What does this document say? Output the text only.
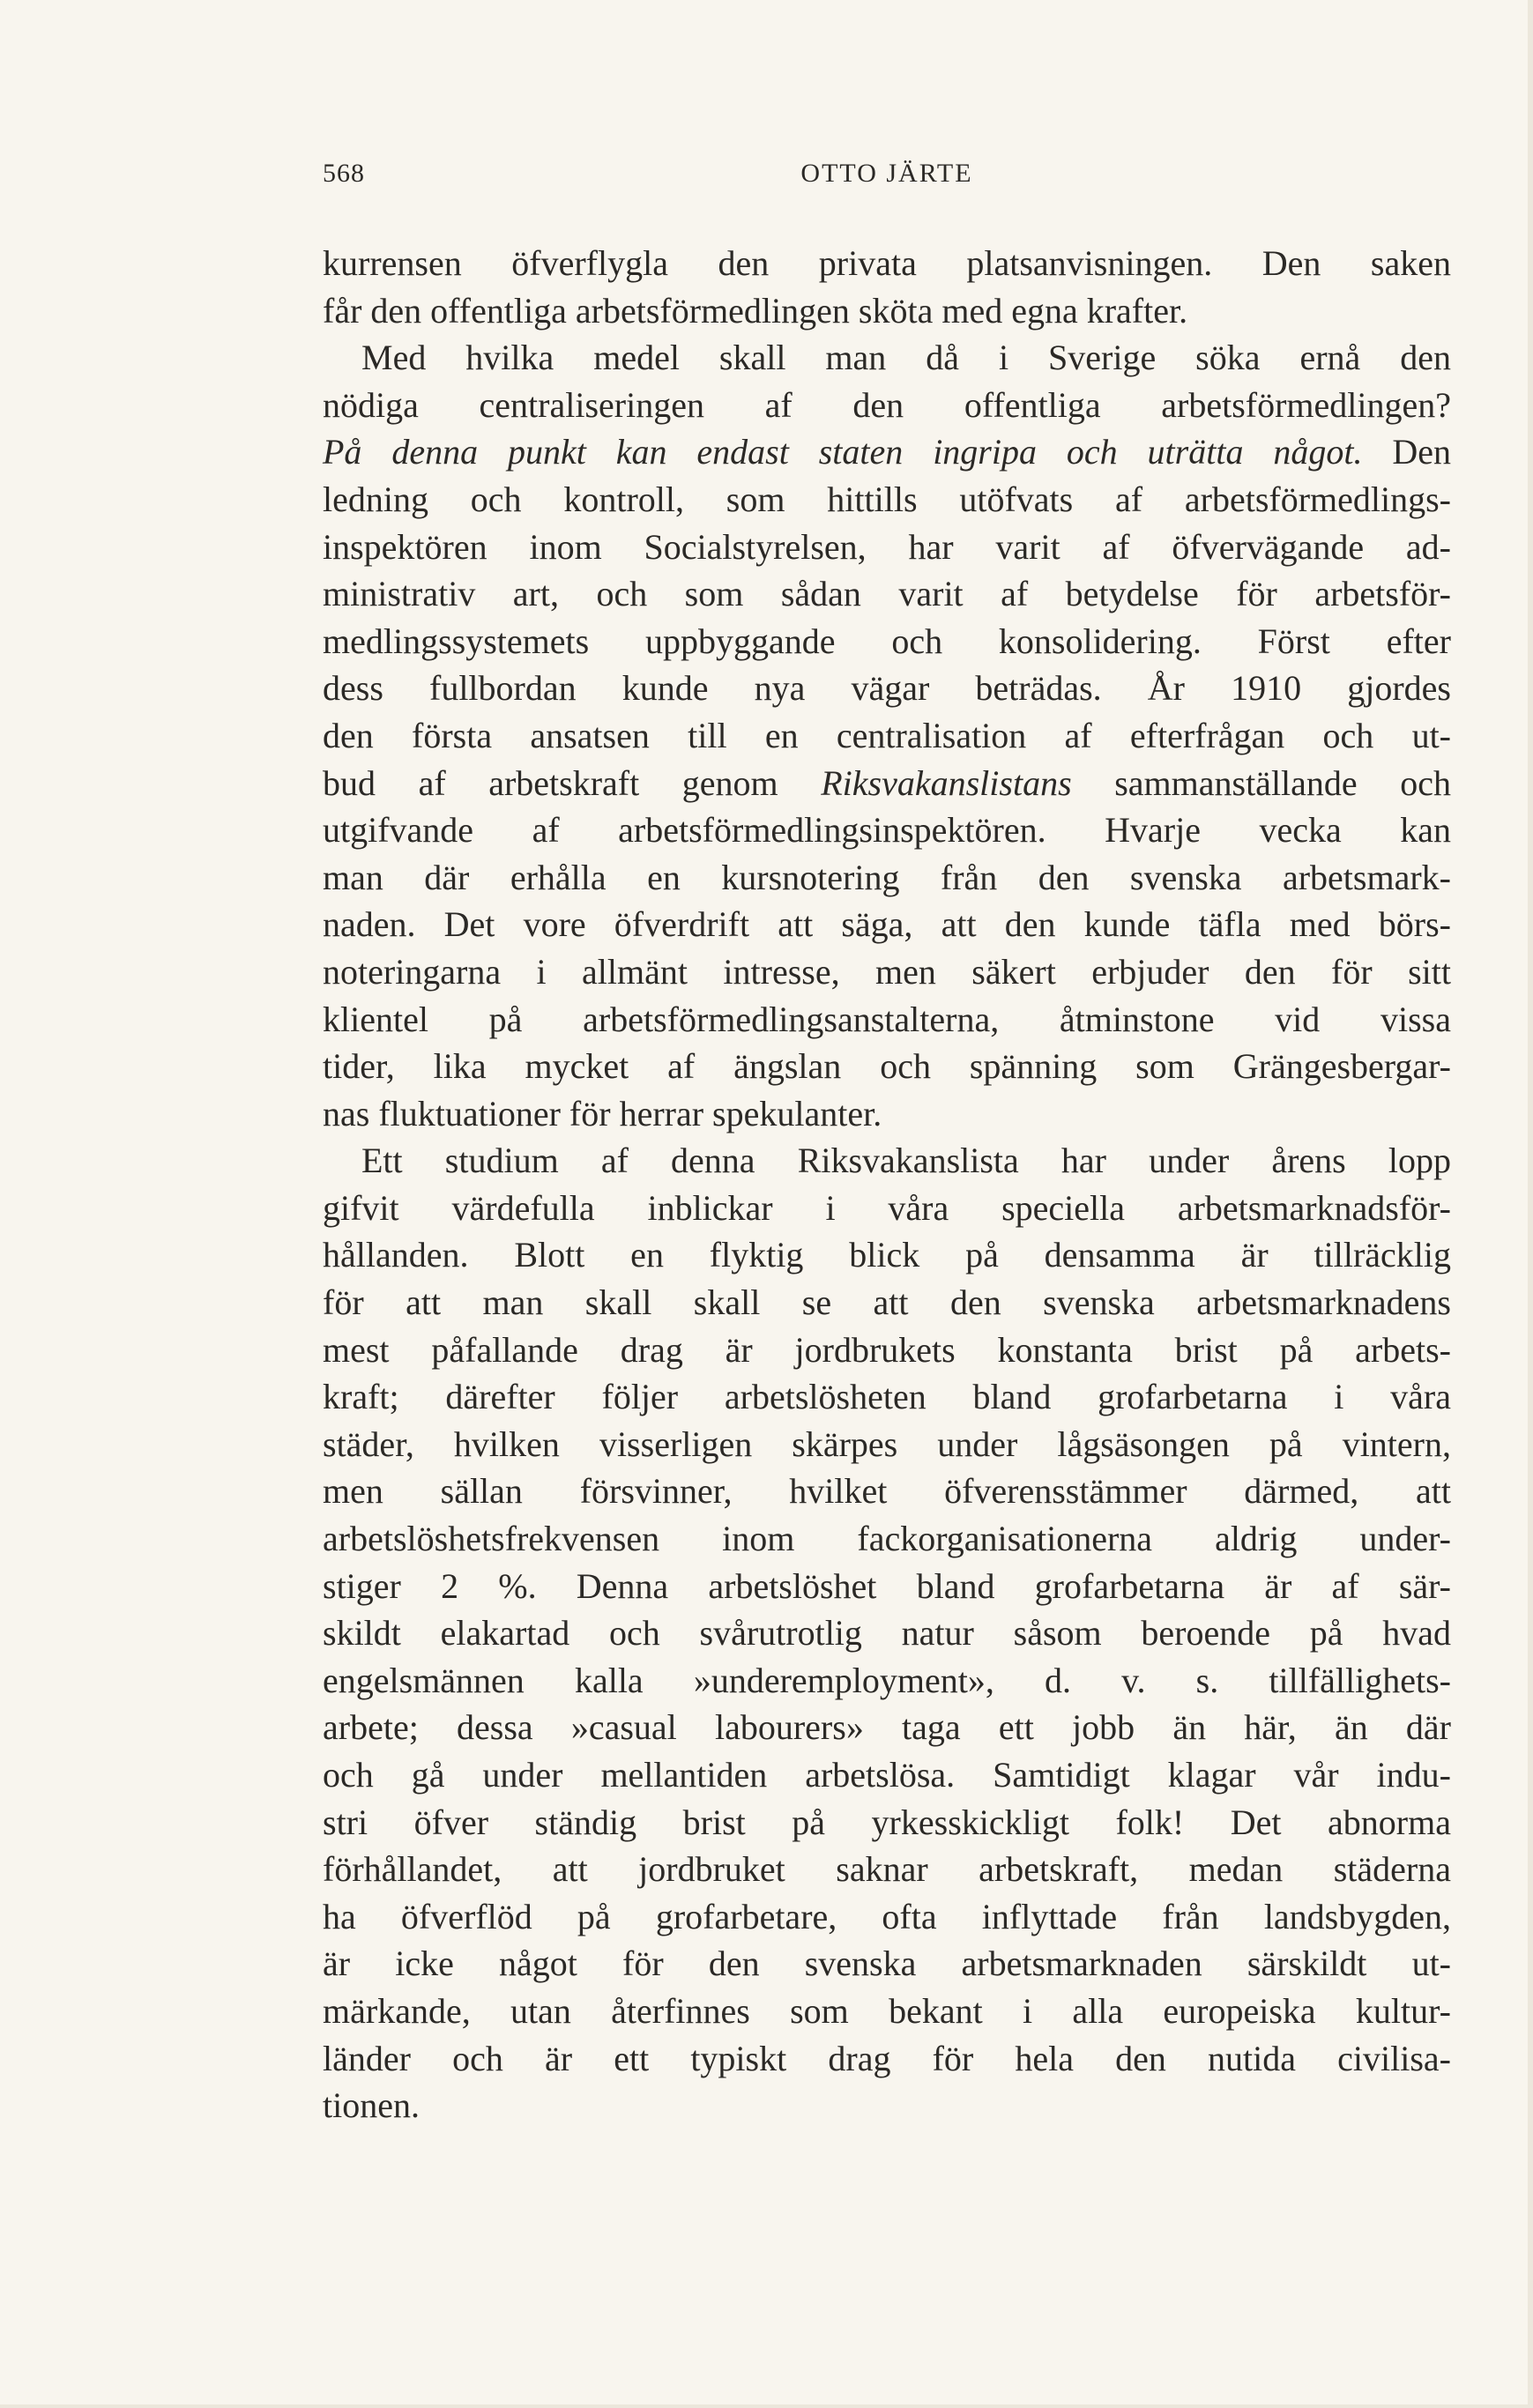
568	OTTO JÄRTE
kurrensen öfverflygla den privata platsanvisningen. Den saken
får den offentliga arbetsförmedlingen sköta med egna krafter.
Med hvilka medel skall man då i Sverige söka ernå den
nödiga centraliseringen af den offentliga arbetsförmedlingen?
På denna punkt kan endast staten ingripa och uträtta något. Den
ledning och kontroll, som hittills utöfvats af arbetsförmedlings-
inspektören inom Socialstyrelsen, har varit af öfvervägande ad-
ministrativ art, och som sådan varit af betydelse för arbetsför-
medlingssystemets uppbyggande och konsolidering. Först efter
dess fullbordan kunde nya vägar beträdas. År 1910 gjordes
den första ansatsen till en centralisation af efterfrågan och ut-
bud af arbetskraft genom Riksvakanslistans sammanställande och
utgifvande af arbetsförmedlingsinspektören. Hvarje vecka kan
man där erhålla en kursnotering från den svenska arbetsmark-
naden. Det vore öfverdrift att säga, att den kunde täfla med börs-
noteringarna i allmänt intresse, men säkert erbjuder den för sitt
klientel på arbetsförmedlingsanstalterna, åtminstone vid vissa
tider, lika mycket af ängslan och spänning som Grängesbergar-
nas fluktuationer för herrar spekulanter.
Ett studium af denna Riksvakanslista har under årens lopp
gifvit värdefulla inblickar i våra speciella arbetsmarknadsför-
hållanden. Blott en flyktig blick på densamma är tillräcklig
för att man skall skall se att den svenska arbetsmarknadens
mest påfallande drag är jordbrukets konstanta brist på arbets-
kraft; därefter följer arbetslösheten bland grofarbetarna i våra
städer, hvilken visserligen skärpes under lågsäsongen på vintern,
men sällan försvinner, hvilket öfverensstämmer därmed, att
arbetslöshetsfrekvensen inom fackorganisationerna aldrig under-
stiger 2 %. Denna arbetslöshet bland grofarbetarna är af sär-
skildt elakartad och svårutrotlig natur såsom beroende på hvad
engelsmännen kalla »underemployment», d. v. s. tillfällighets-
arbete; dessa »casual labourers» taga ett jobb än här, än där
och gå under mellantiden arbetslösa. Samtidigt klagar vår indu-
stri öfver ständig brist på yrkesskickligt folk! Det abnorma
förhållandet, att jordbruket saknar arbetskraft, medan städerna
ha öfverflöd på grofarbetare, ofta inflyttade från landsbygden,
är icke något för den svenska arbetsmarknaden särskildt ut-
märkande, utan återfinnes som bekant i alla europeiska kultur-
länder och är ett typiskt drag för hela den nutida civilisa-
tionen.
